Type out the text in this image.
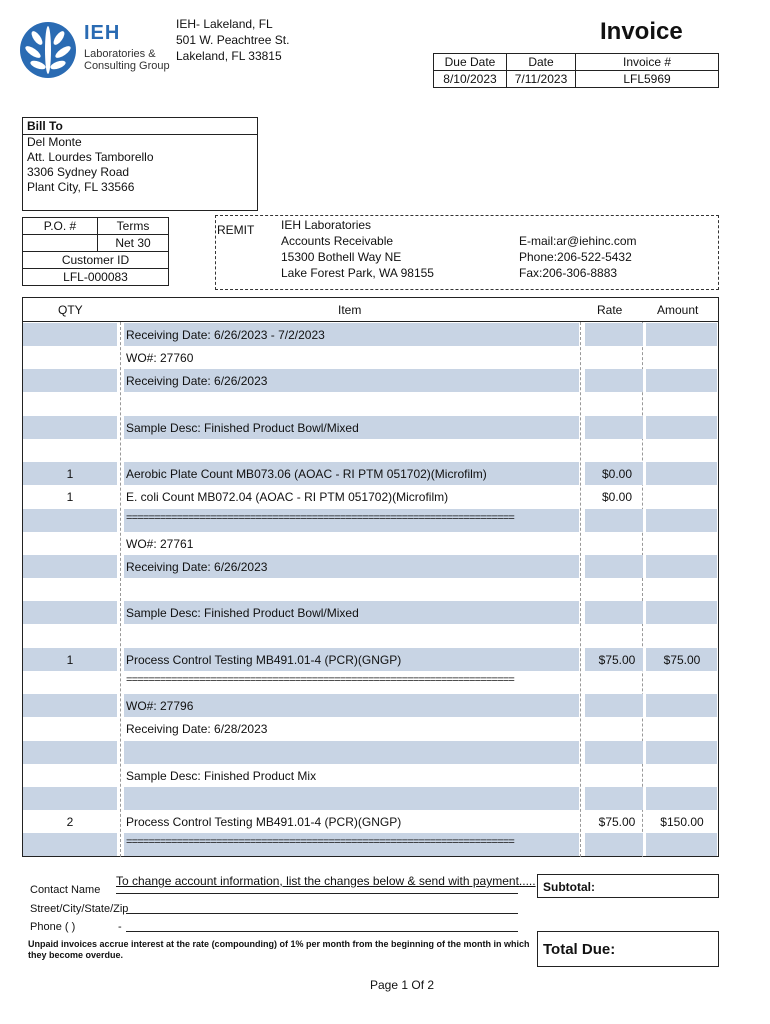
IEH
Laboratories &
Consulting Group
IEH- Lakeland, FL
501 W. Peachtree St.
Lakeland, FL 33815
Invoice
Due Date	Date	Invoice #
8/10/2023	7/11/2023	LFL5969
Bill To
Del Monte
Att. Lourdes Tamborello
3306 Sydney Road
Plant City, FL 33566
P.O. #	Terms
	Net 30
Customer ID	
LFL-000083	
REMIT IEH Laboratories
Accounts Receivable
15300 Bothell Way NE
Lake Forest Park, WA 98155
E-mail:ar@iehinc.com
Phone:206-522-5432
Fax:206-306-8883
QTY	Item	Rate	Amount
Receiving Date: 6/26/2023 - 7/2/2023
WO#: 27760
Receiving Date: 6/26/2023
Sample Desc: Finished Product Bowl/Mixed
1	Aerobic Plate Count MB073.06 (AOAC - RI PTM 051702)(Microfilm)	$0.00
1	E. coli Count MB072.04 (AOAC - RI PTM 051702)(Microfilm)	$0.00
=====================================================================
WO#: 27761
Receiving Date: 6/26/2023
Sample Desc: Finished Product Bowl/Mixed
1	Process Control Testing MB491.01-4 (PCR)(GNGP)	$75.00	$75.00
=====================================================================
WO#: 27796
Receiving Date: 6/28/2023
Sample Desc: Finished Product Mix
2	Process Control Testing MB491.01-4 (PCR)(GNGP)	$75.00	$150.00
=====================================================================
To change account information, list the changes below & send with payment.....
Contact Name
Street/City/State/Zip
Phone ( )	-
Unpaid invoices accrue interest at the rate (compounding) of 1% per month from the beginning of the month in which they become overdue.
Subtotal:
Total Due:
Page 1 Of 2
